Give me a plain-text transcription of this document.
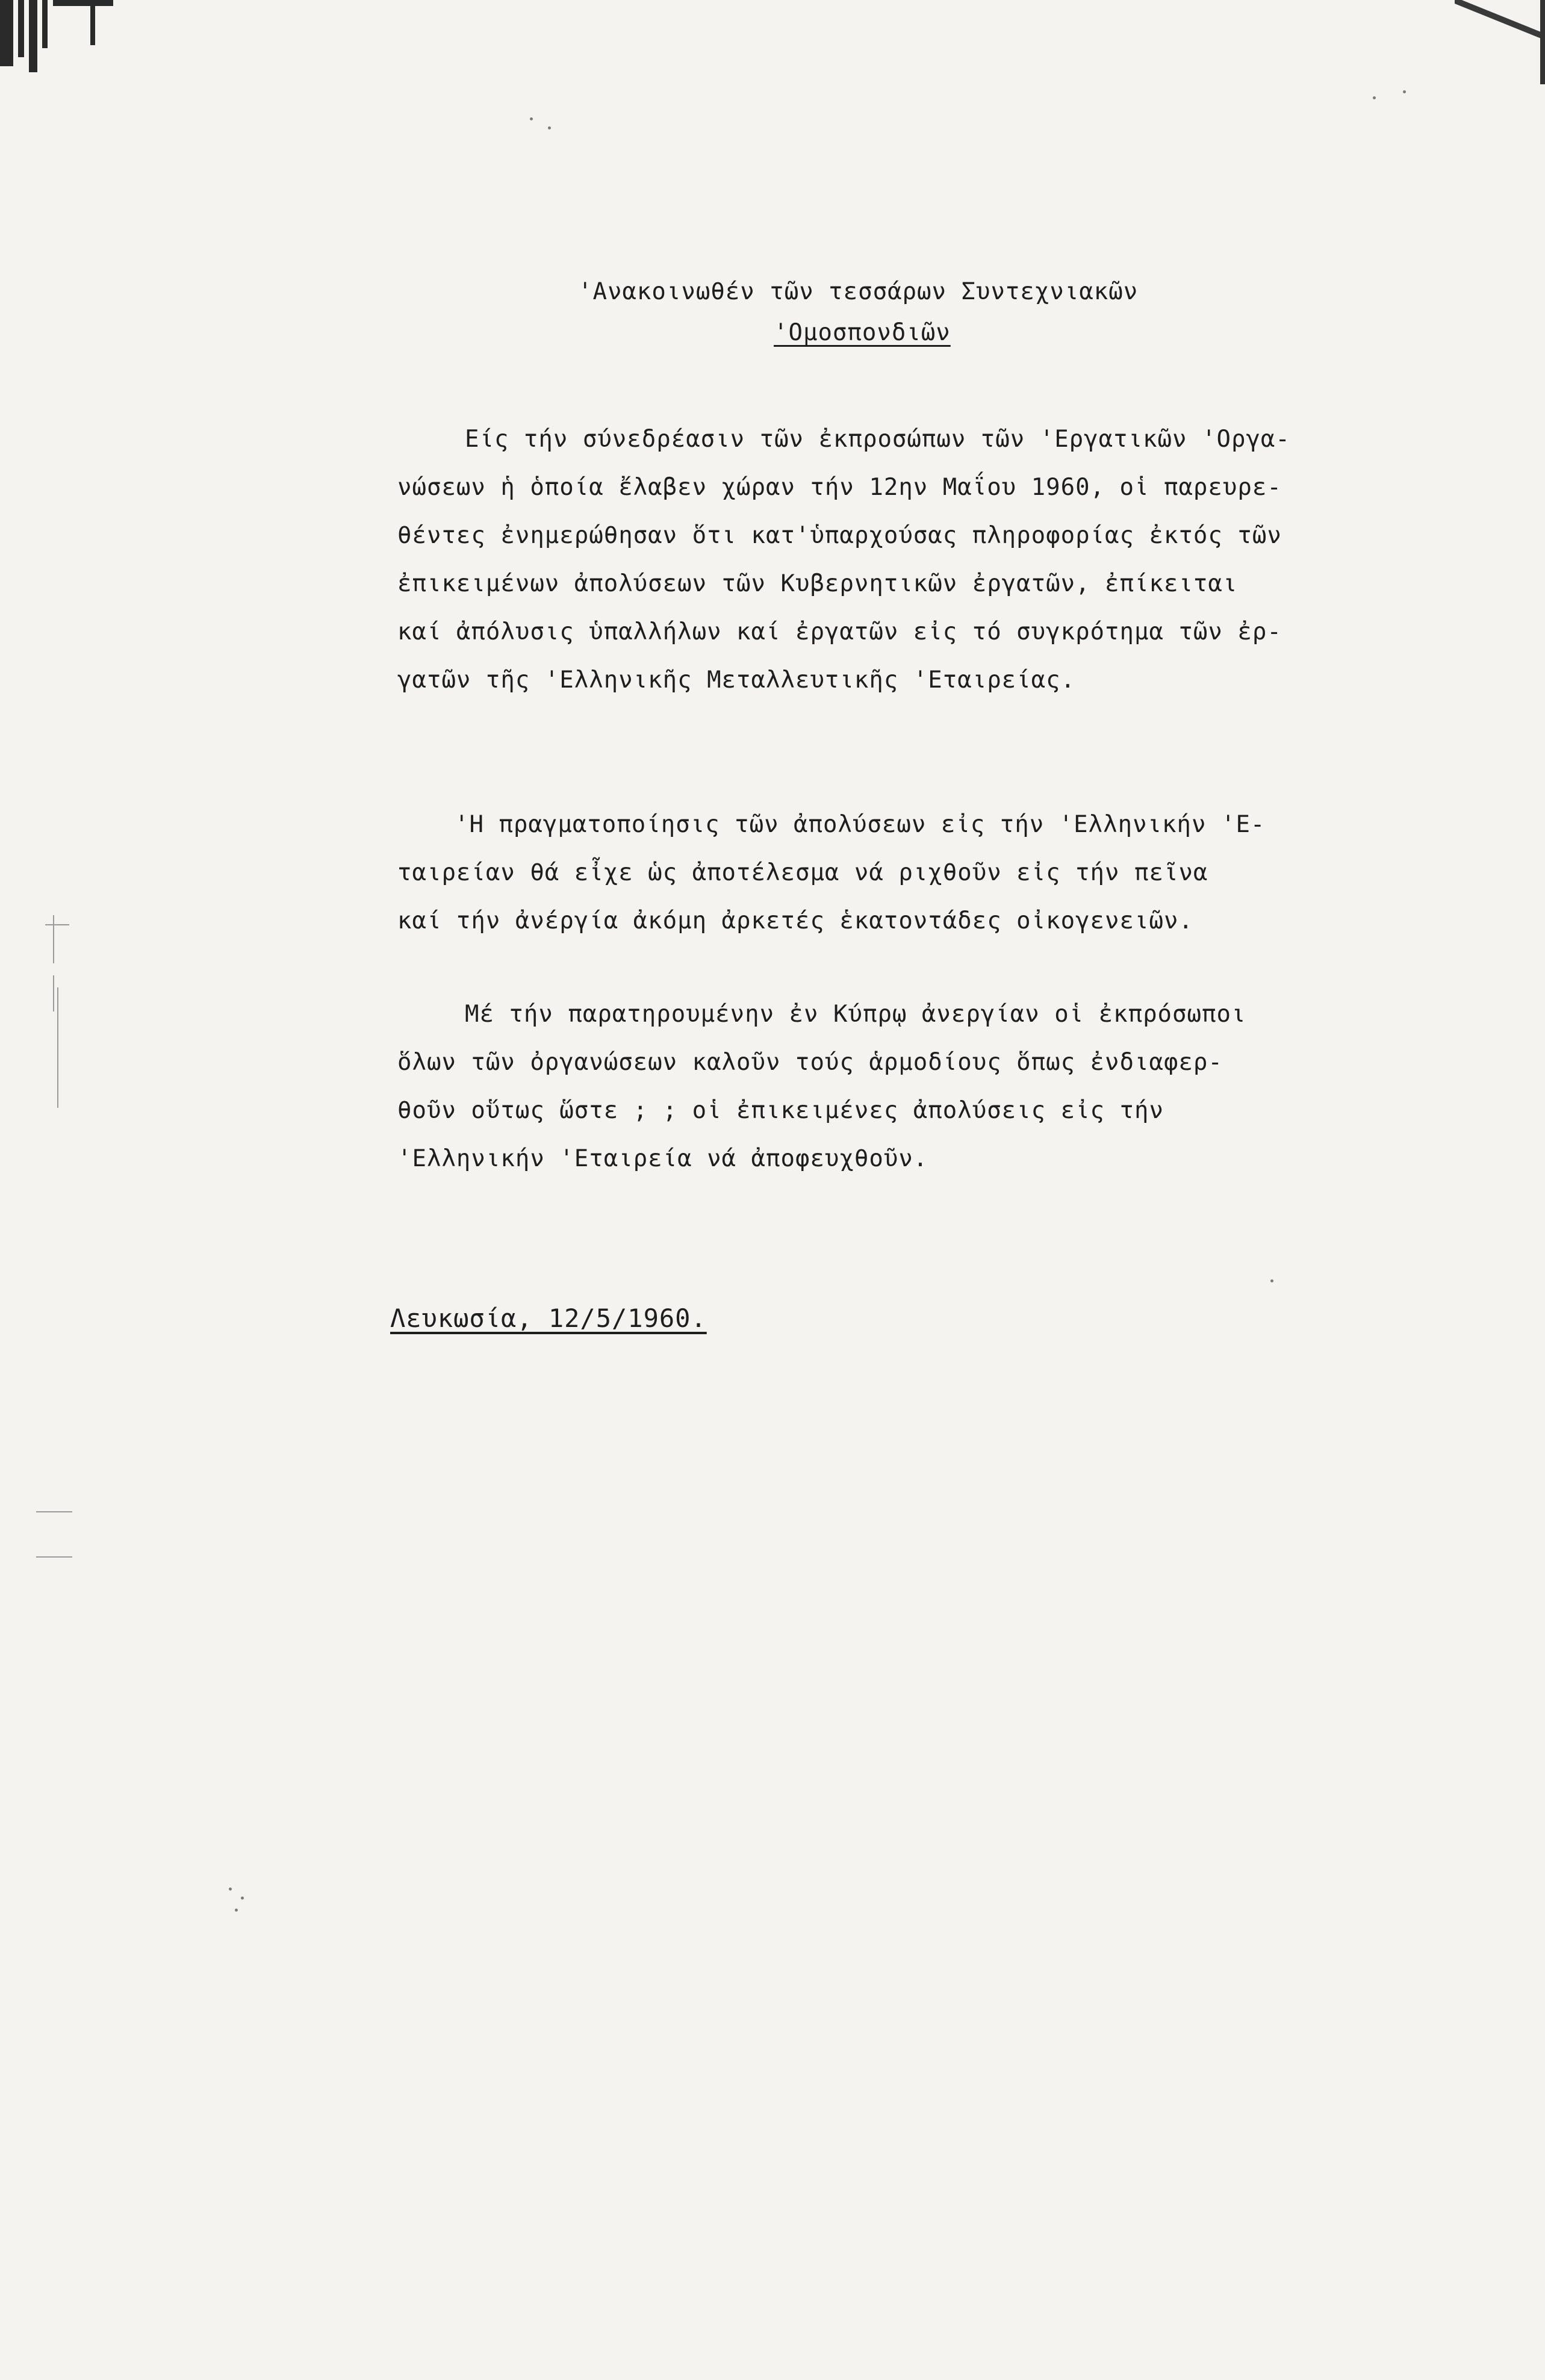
'Ανακοινωθέν τῶν τεσσάρων Συντεχνιακῶν
'Ομοσπονδιῶν
Eίς τήν σύνεδρέασιν τῶν ἐκπροσώπων τῶν 'Εργατικῶν 'Οργα-
νώσεων ἡ ὁποία ἔλαβεν χώραν τήν 12ην Μαΐου 1960, οἱ παρευρε-
θέντες ἐνημερώθησαν ὅτι κατ'ὑπαρχούσας πληροφορίας ἐκτός τῶν
ἐπικειμένων ἀπολύσεων τῶν Κυβερνητικῶν ἐργατῶν, ἐπίκειται
καί ἀπόλυσις ὑπαλλήλων καί ἐργατῶν εἰς τό συγκρότημα τῶν ἐρ-
γατῶν τῆς 'Ελληνικῆς Μεταλλευτικῆς 'Εταιρείας.
'Η πραγματοποίησις τῶν ἀπολύσεων εἰς τήν 'Ελληνικήν 'Ε-
ταιρείαν θά εἶχε ὡς ἀποτέλεσμα νά ριχθοῦν εἰς τήν πεῖνα
καί τήν ἀνέργία ἀκόμη ἀρκετές ἑκατοντάδες οἰκογενειῶν.
Μέ τήν παρατηρουμένην ἐν Κύπρῳ ἀνεργίαν οἱ ἐκπρόσωποι
ὅλων τῶν ὀργανώσεων καλοῦν τούς ἁρμοδίους ὅπως ἐνδιαφερ-
θοῦν οὕτως ὥστε ; ; οἱ ἐπικειμένες ἀπολύσεις εἰς τήν
'Ελληνικήν 'Εταιρεία νά ἀποφευχθοῦν.
Λευκωσία, 12/5/1960.
